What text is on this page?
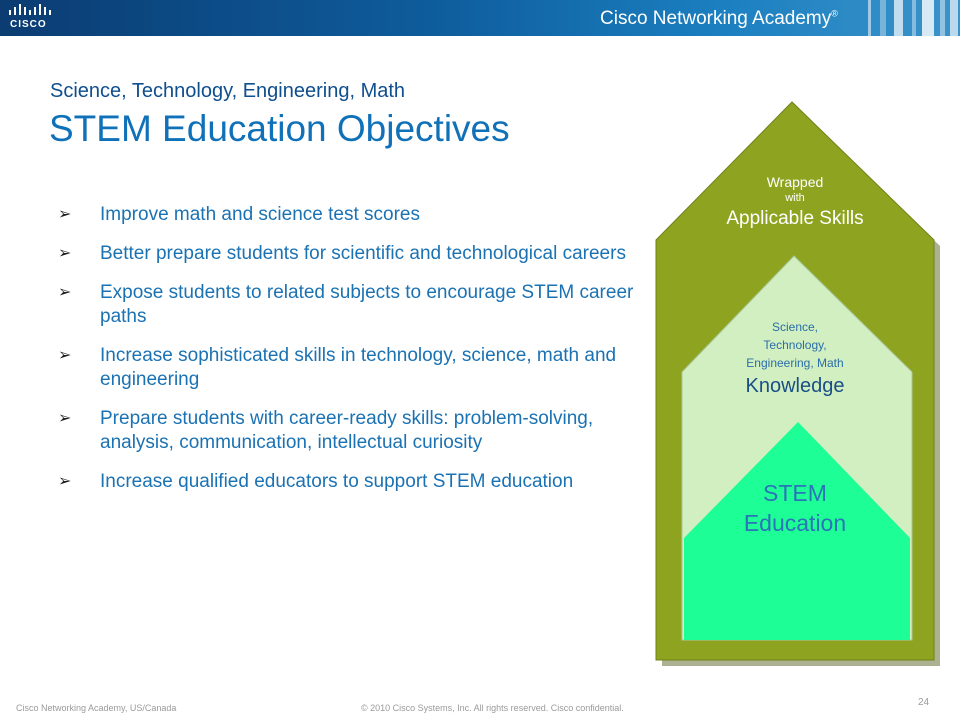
CISCO	Cisco Networking Academy®
Science, Technology, Engineering, Math
STEM Education Objectives
➢ Improve math and science test scores
➢ Better prepare students for scientific and technological careers
➢ Expose students to related subjects to encourage STEM career paths
➢ Increase sophisticated skills in technology, science, math and engineering
➢ Prepare students with career-ready skills: problem-solving, analysis, communication, intellectual curiosity
➢ Increase qualified educators to support STEM education
Wrapped
with
Applicable Skills
Science,
Technology,
Engineering, Math
Knowledge
STEM
Education
Cisco Networking Academy, US/Canada	© 2010 Cisco Systems, Inc. All rights reserved. Cisco confidential.	24
